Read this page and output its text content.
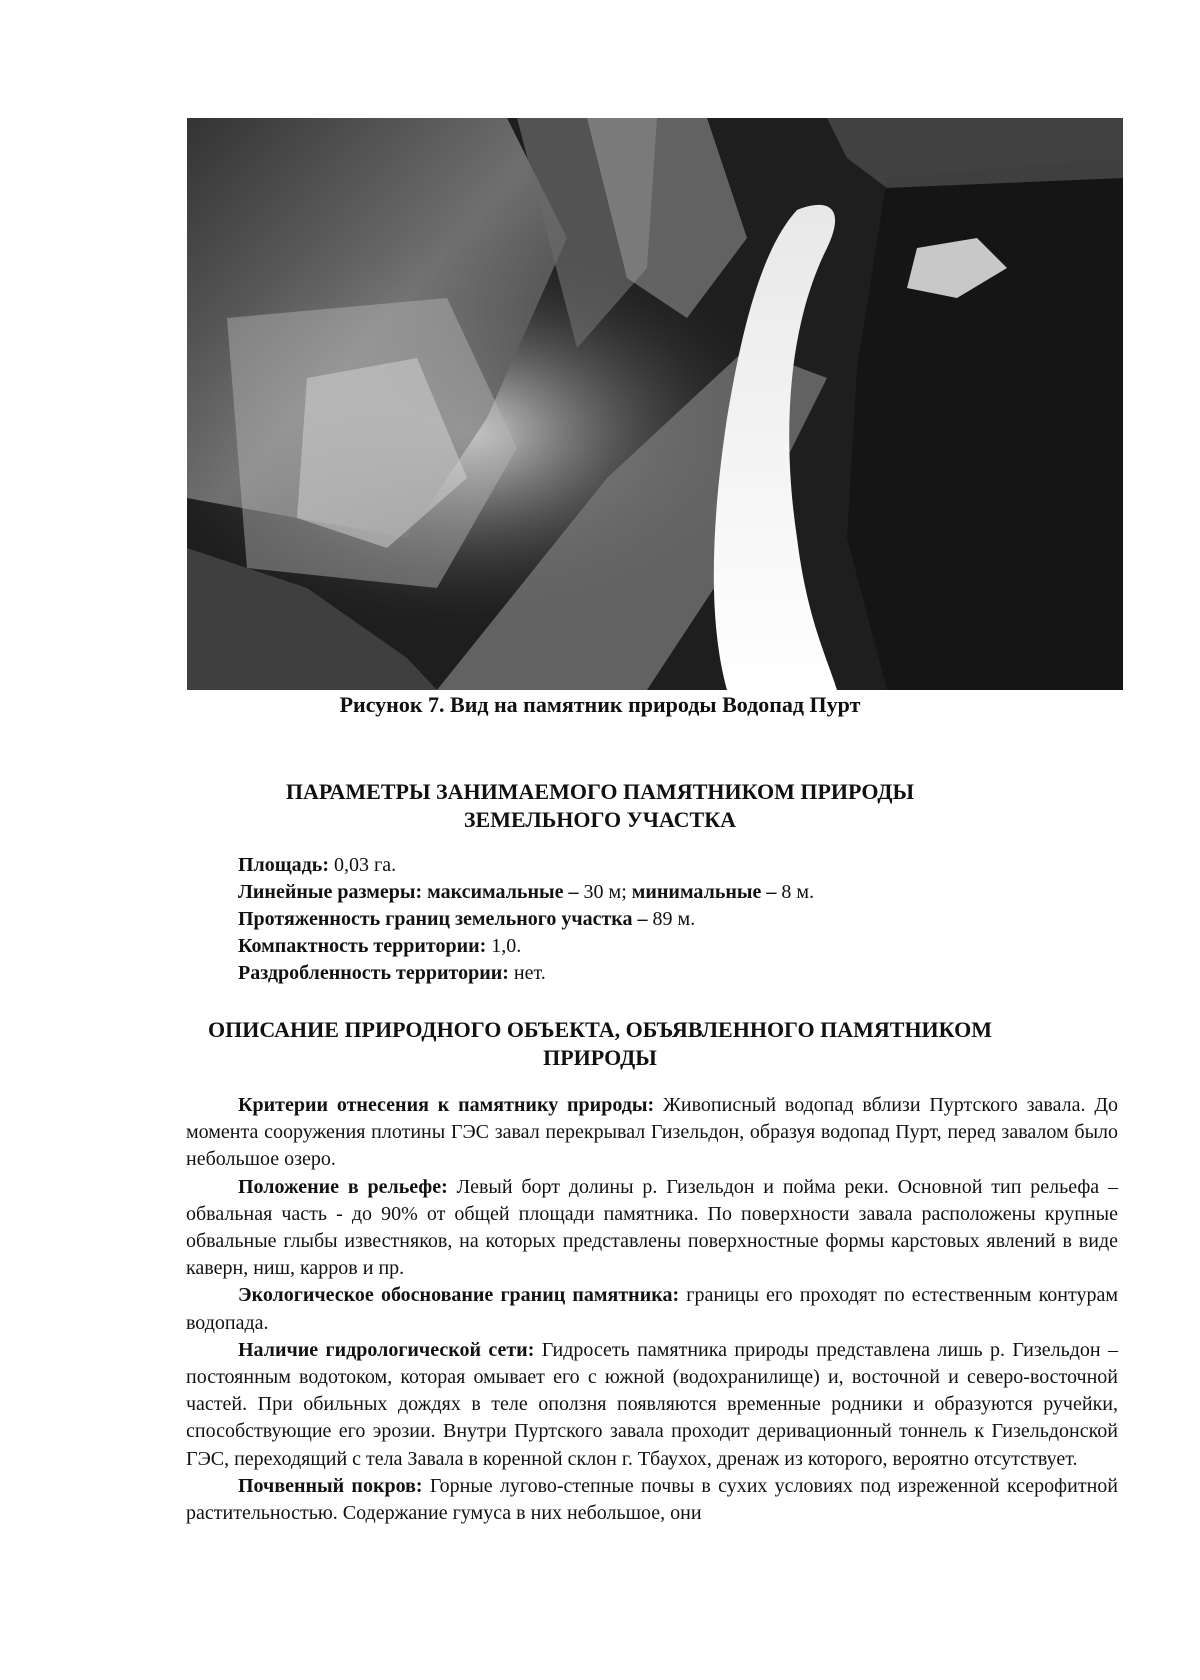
Рисунок 7. Вид на памятник природы Водопад Пурт
ПАРАМЕТРЫ ЗАНИМАЕМОГО ПАМЯТНИКОМ ПРИРОДЫ
ЗЕМЕЛЬНОГО УЧАСТКА
Площадь: 0,03 га.
Линейные размеры: максимальные – 30 м; минимальные – 8 м.
Протяженность границ земельного участка – 89 м.
Компактность территории: 1,0.
Раздробленность территории: нет.
ОПИСАНИЕ ПРИРОДНОГО ОБЪЕКТА, ОБЪЯВЛЕННОГО ПАМЯТНИКОМ
ПРИРОДЫ

Критерии отнесения к памятнику природы: Живописный водопад вблизи Пуртского завала. До момента сооружения плотины ГЭС завал перекрывал Гизельдон, образуя водопад Пурт, перед завалом было небольшое озеро.

Положение в рельефе: Левый борт долины р. Гизельдон и пойма реки. Основной тип рельефа – обвальная часть - до 90% от общей площади памятника. По поверхности завала расположены крупные обвальные глыбы известняков, на которых представлены поверхностные формы карстовых явлений в виде каверн, ниш, карров и пр.

Экологическое обоснование границ памятника: границы его проходят по естественным контурам водопада.

Наличие гидрологической сети: Гидросеть памятника природы представлена лишь р. Гизельдон – постоянным водотоком, которая омывает его с южной (водохранилище) и, восточной и северо-восточной частей. При обильных дождях в теле оползня появляются временные родники и образуются ручейки, способствующие его эрозии. Внутри Пуртского завала проходит деривационный тоннель к Гизельдонской ГЭС, переходящий с тела Завала в коренной склон г. Тбаухох, дренаж из которого, вероятно отсутствует.

Почвенный покров: Горные лугово-степные почвы в сухих условиях под изреженной ксерофитной растительностью. Содержание гумуса в них небольшое, они
